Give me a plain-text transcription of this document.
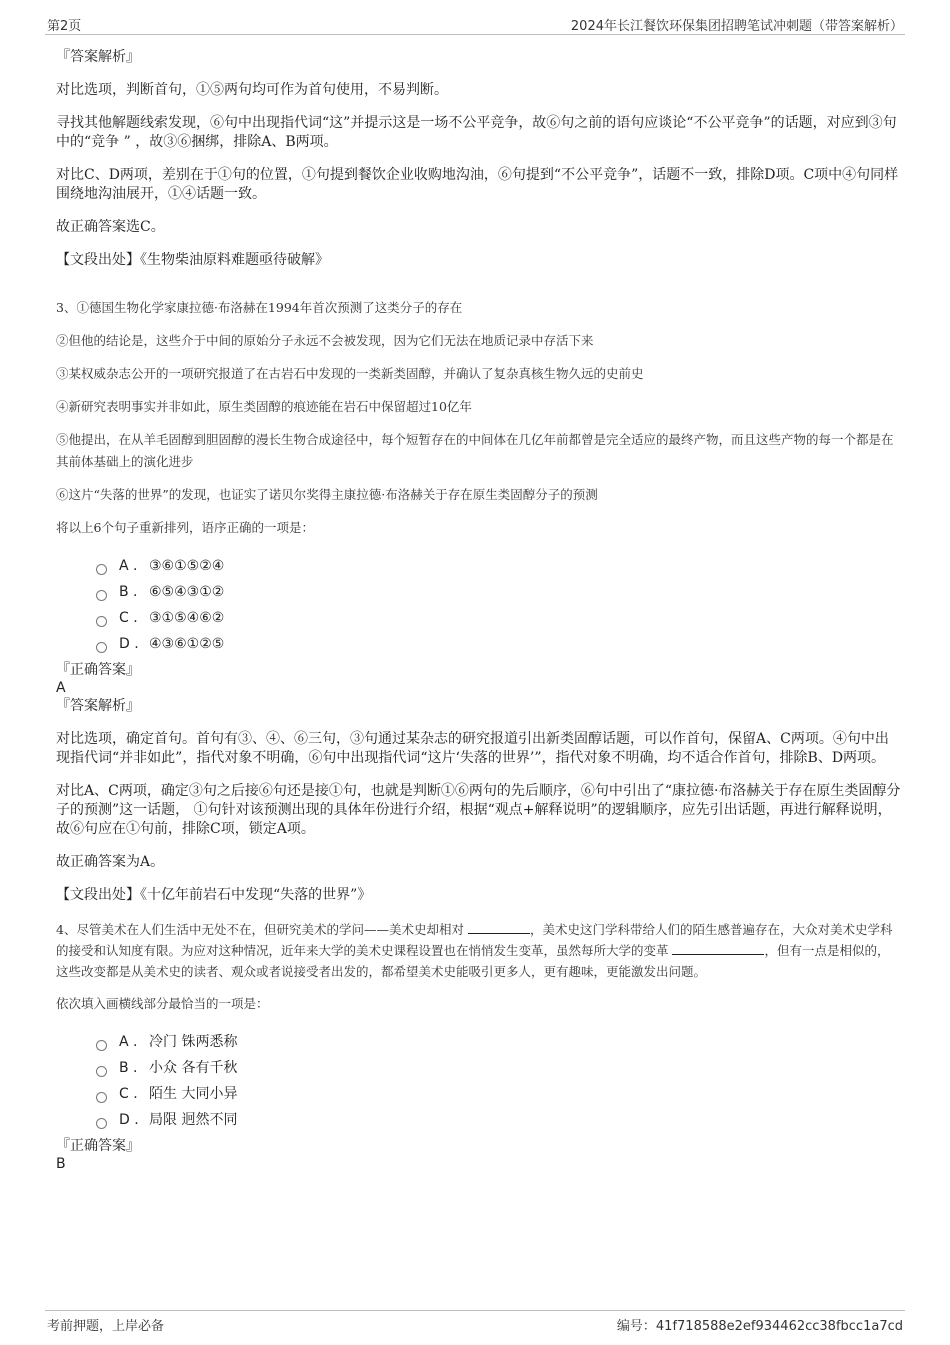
第2页	2024年长江餐饮环保集团招聘笔试冲刺题（带答案解析）

『答案解析』

对比选项，判断首句，①⑤两句均可作为首句使用，不易判断。

寻找其他解题线索发现，⑥句中出现指代词“这”并提示这是一场不公平竞争，故⑥句之前的语句应谈论“不公平竞争”的话题，对应到③句中的“竞争 ” ，故③⑥捆绑，排除A、B两项。

对比C、D两项，差别在于①句的位置，①句提到餐饮企业收购地沟油，⑥句提到“不公平竞争”，话题不一致，排除D项。C项中④句同样围绕地沟油展开，①④话题一致。

故正确答案选C。

【文段出处】《生物柴油原料难题亟待破解》

3、①德国生物化学家康拉德·布洛赫在1994年首次预测了这类分子的存在

②但他的结论是，这些介于中间的原始分子永远不会被发现，因为它们无法在地质记录中存活下来

③某权威杂志公开的一项研究报道了在古岩石中发现的一类新类固醇，并确认了复杂真核生物久远的史前史

④新研究表明事实并非如此，原生类固醇的痕迹能在岩石中保留超过10亿年

⑤他提出，在从羊毛固醇到胆固醇的漫长生物合成途径中，每个短暂存在的中间体在几亿年前都曾是完全适应的最终产物，而且这些产物的每一个都是在其前体基础上的演化进步

⑥这片“失落的世界”的发现，也证实了诺贝尔奖得主康拉德·布洛赫关于存在原生类固醇分子的预测

将以上6个句子重新排列，语序正确的一项是：

A . ③⑥①⑤②④
B . ⑥⑤④③①②
C . ③①⑤④⑥②
D . ④③⑥①②⑤

『正确答案』

A

『答案解析』

对比选项，确定首句。首句有③、④、⑥三句，③句通过某杂志的研究报道引出新类固醇话题，可以作首句，保留A、C两项。④句中出现指代词“并非如此”，指代对象不明确，⑥句中出现指代词“这片‘失落的世界’”，指代对象不明确，均不适合作首句，排除B、D两项。

对比A、C两项，确定③句之后接⑥句还是接①句，也就是判断①⑥两句的先后顺序，⑥句中引出了“康拉德·布洛赫关于存在原生类固醇分子的预测”这一话题， ①句针对该预测出现的具体年份进行介绍，根据“观点+解释说明”的逻辑顺序，应先引出话题，再进行解释说明，故⑥句应在①句前，排除C项，锁定A项。

故正确答案为A。

【文段出处】《十亿年前岩石中发现“失落的世界”》

4、尽管美术在人们生活中无处不在，但研究美术的学问——美术史却相对	，美术史这门学科带给人们的陌生感普遍存在，大众对美术史学科的接受和认知度有限。为应对这种情况，近年来大学的美术史课程设置也在悄悄发生变革，虽然每所大学的变革	，但有一点是相似的，这些改变都是从美术史的读者、观众或者说接受者出发的，都希望美术史能吸引更多人，更有趣味，更能激发出问题。

依次填入画横线部分最恰当的一项是：

A . 冷门 铢两悉称
B . 小众 各有千秋
C . 陌生 大同小异
D . 局限 迥然不同

『正确答案』

B

考前押题，上岸必备	编号：41f718588e2ef934462cc38fbcc1a7cd
